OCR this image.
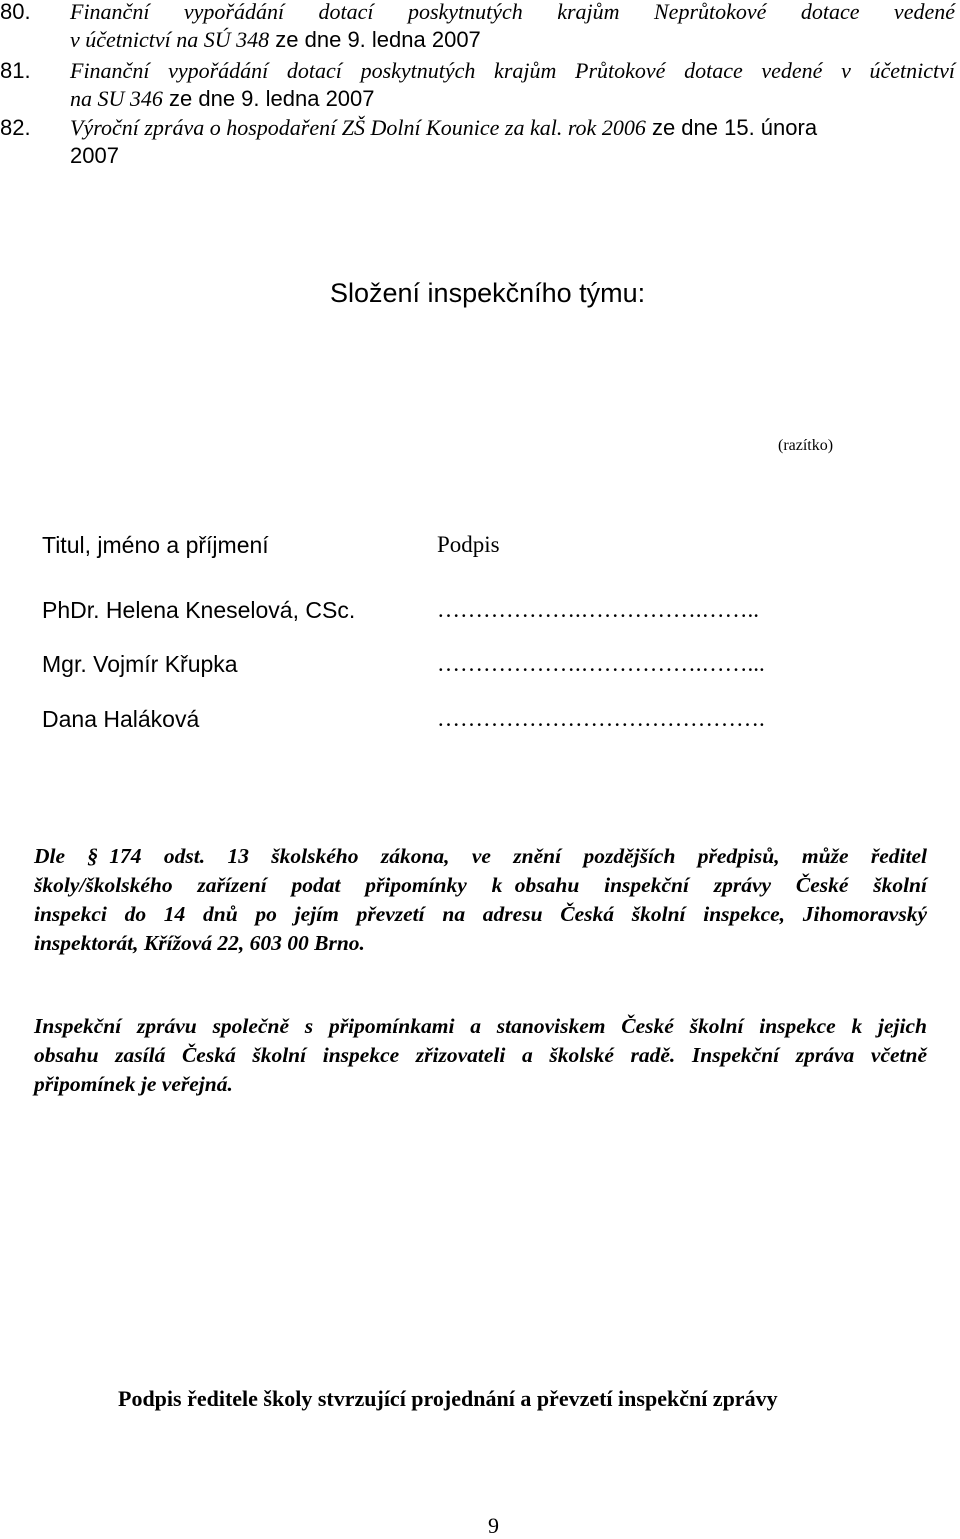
80. Finanční  vypořádání  dotací  poskytnutých  krajům  Neprůtokové  dotace  vedené
v účetnictví na SÚ 348 ze dne 9. ledna 2007
81. Finanční vypořádání dotací poskytnutých krajům Průtokové dotace vedené v účetnictví
na SU 346 ze dne 9. ledna 2007
82. Výroční zpráva o hospodaření ZŠ Dolní Kounice za kal. rok 2006 ze dne 15. února
2007
Složení inspekčního týmu:
(razítko)
Titul, jméno a příjmení	Podpis
PhDr. Helena Kneselová, CSc.	……………….…………….……..
Mgr. Vojmír Křupka	……………….…………….……...
Dana Haláková	…………………………………….
Dle  § 174  odst.  13  školského  zákona,  ve  znění  pozdějších  předpisů,  může  ředitel
školy/školského  zařízení  podat  připomínky  k obsahu  inspekční  zprávy  České  školní
inspekci  do  14  dnů  po  jejím  převzetí  na  adresu  Česká  školní  inspekce,  Jihomoravský
inspektorát, Křížová 22, 603 00 Brno.
Inspekční zprávu společně s připomínkami a stanoviskem České školní inspekce k jejich
obsahu zasílá Česká školní inspekce zřizovateli a školské radě. Inspekční zpráva včetně
připomínek je veřejná.
Podpis ředitele školy stvrzující projednání a převzetí inspekční zprávy
9
